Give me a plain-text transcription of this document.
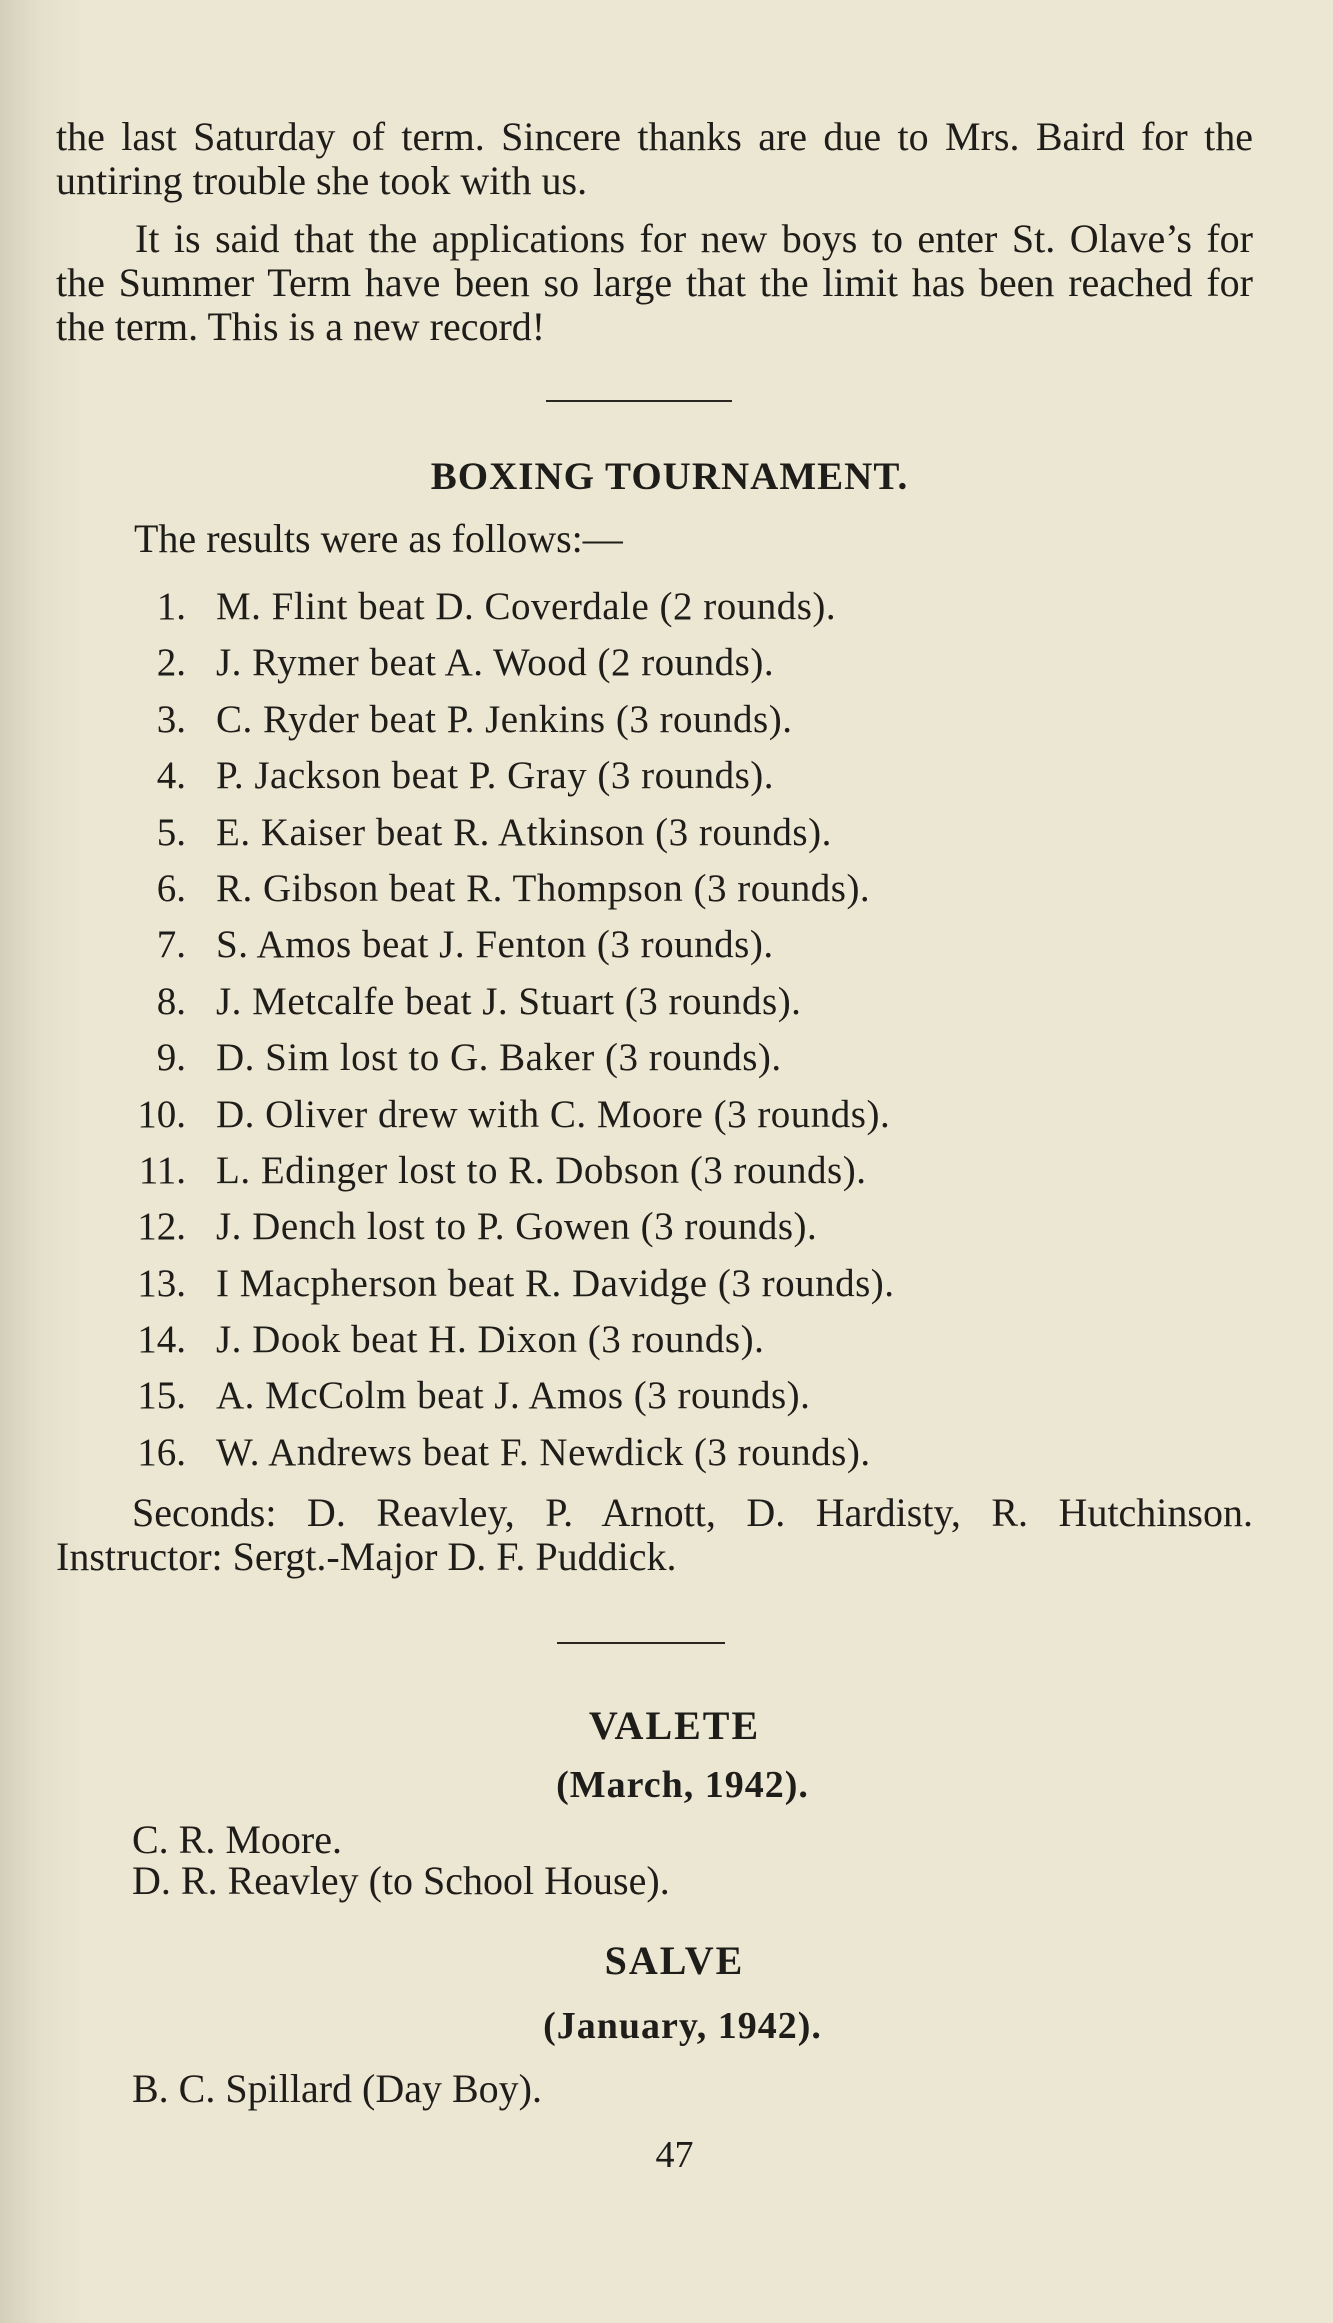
the last Saturday of term. Sincere thanks are due to Mrs. Baird for the untiring trouble she took with us.

It is said that the applications for new boys to enter St. Olave’s for the Summer Term have been so large that the limit has been reached for the term. This is a new record!

BOXING TOURNAMENT.

The results were as follows:—

1. M. Flint beat D. Coverdale (2 rounds).
2. J. Rymer beat A. Wood (2 rounds).
3. C. Ryder beat P. Jenkins (3 rounds).
4. P. Jackson beat P. Gray (3 rounds).
5. E. Kaiser beat R. Atkinson (3 rounds).
6. R. Gibson beat R. Thompson (3 rounds).
7. S. Amos beat J. Fenton (3 rounds).
8. J. Metcalfe beat J. Stuart (3 rounds).
9. D. Sim lost to G. Baker (3 rounds).
10. D. Oliver drew with C. Moore (3 rounds).
11. L. Edinger lost to R. Dobson (3 rounds).
12. J. Dench lost to P. Gowen (3 rounds).
13. I Macpherson beat R. Davidge (3 rounds).
14. J. Dook beat H. Dixon (3 rounds).
15. A. McColm beat J. Amos (3 rounds).
16. W. Andrews beat F. Newdick (3 rounds).

Seconds: D. Reavley, P. Arnott, D. Hardisty, R. Hutchinson. Instructor: Sergt.-Major D. F. Puddick.

VALETE

(March, 1942).

C. R. Moore.
D. R. Reavley (to School House).
SALVE

(January, 1942).

B. C. Spillard (Day Boy).
47
